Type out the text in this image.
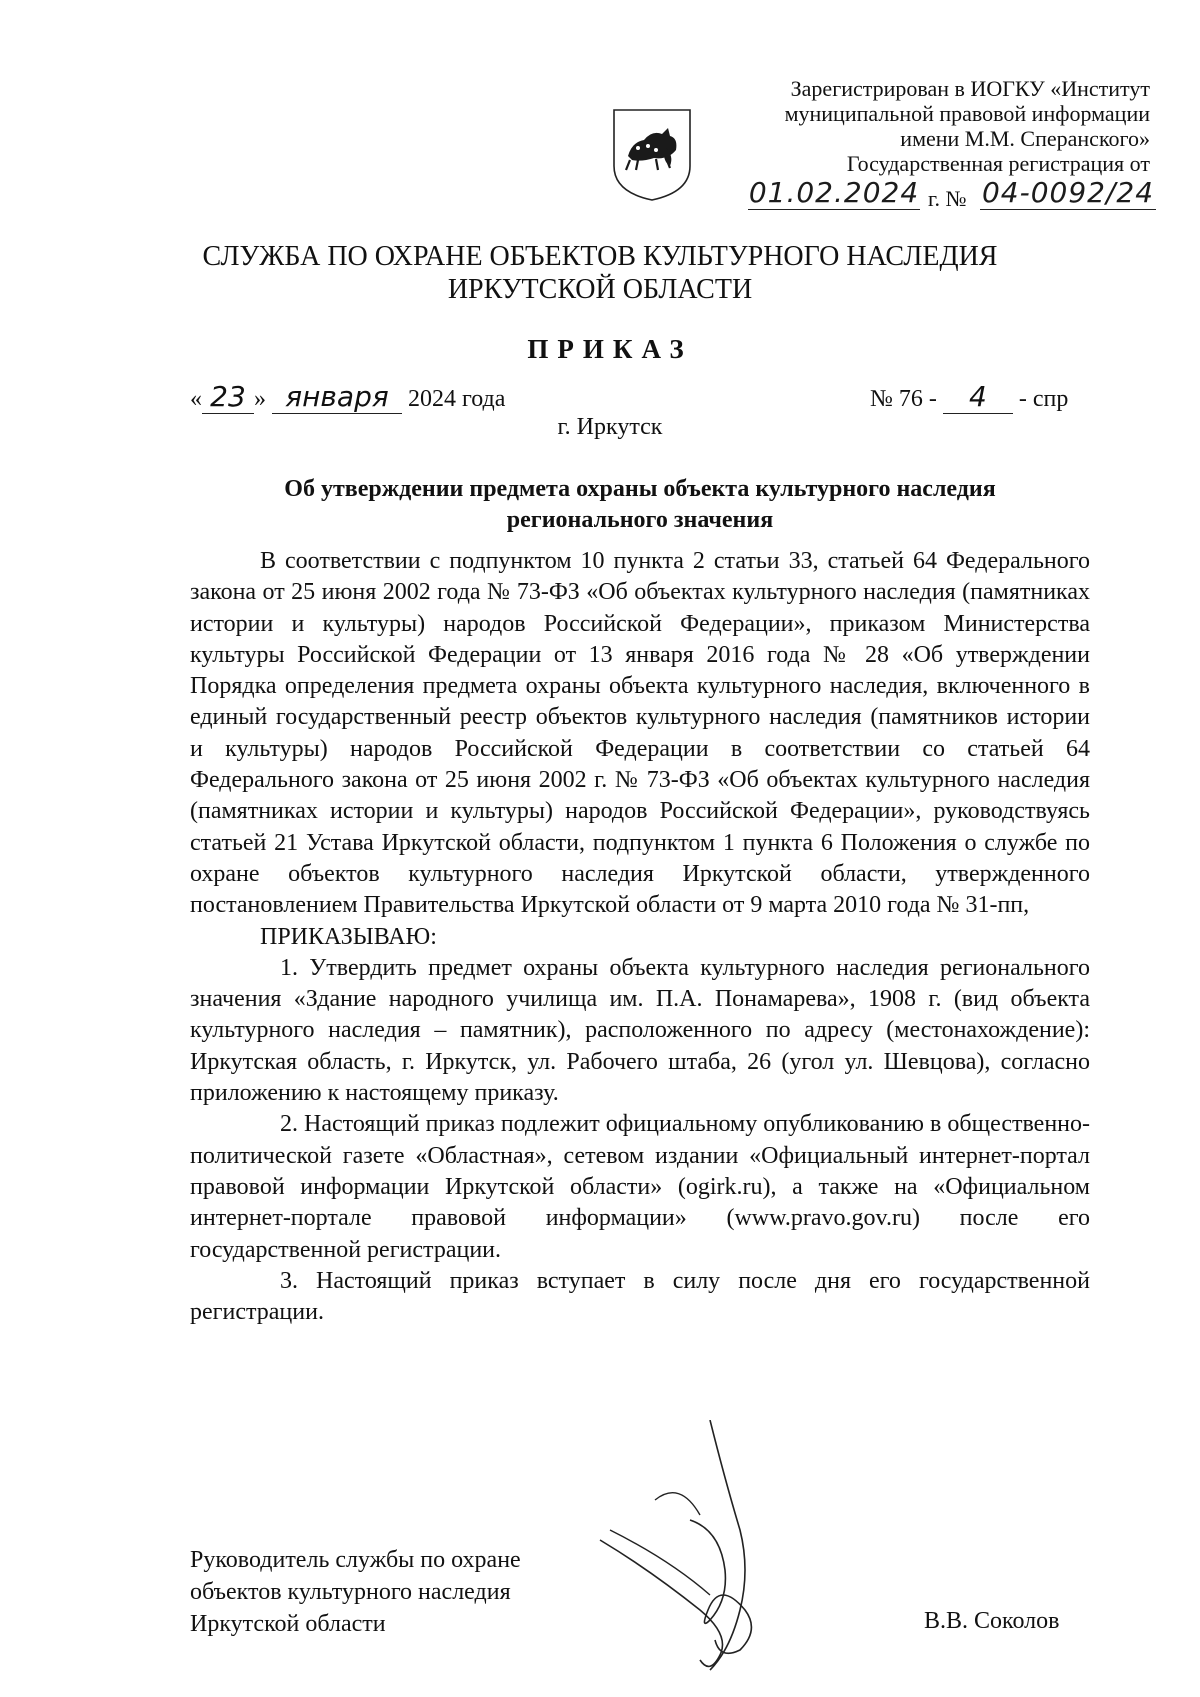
Зарегистрирован в ИОГКУ «Институт
муниципальной правовой информации
имени М.М. Сперанского»
Государственная регистрация от
01.02.2024 г. № 04-0092/24
СЛУЖБА ПО ОХРАНЕ ОБЪЕКТОВ КУЛЬТУРНОГО НАСЛЕДИЯ
ИРКУТСКОЙ ОБЛАСТИ
ПРИКАЗ
« 23 » января 2024 года	№ 76 - 4 - спр
г. Иркутск
Об утверждении предмета охраны объекта культурного наследия
регионального значения

В соответствии с подпунктом 10 пункта 2 статьи 33, статьей 64 Федерального закона от 25 июня 2002 года № 73-ФЗ «Об объектах культурного наследия (памятниках истории и культуры) народов Российской Федерации», приказом Министерства культуры Российской Федерации от 13 января 2016 года № 28 «Об утверждении Порядка определения предмета охраны объекта культурного наследия, включенного в единый государственный реестр объектов культурного наследия (памятников истории и культуры) народов Российской Федерации в соответствии со статьей 64 Федерального закона от 25 июня 2002 г. № 73-ФЗ «Об объектах культурного наследия (памятниках истории и культуры) народов Российской Федерации», руководствуясь статьей 21 Устава Иркутской области, подпунктом 1 пункта 6 Положения о службе по охране объектов культурного наследия Иркутской области, утвержденного постановлением Правительства Иркутской области от 9 марта 2010 года № 31-пп,

ПРИКАЗЫВАЮ:

1. Утвердить предмет охраны объекта культурного наследия регионального значения «Здание народного училища им. П.А. Понамарева», 1908 г. (вид объекта культурного наследия – памятник), расположенного по адресу (местонахождение): Иркутская область, г. Иркутск, ул. Рабочего штаба, 26 (угол ул. Шевцова), согласно приложению к настоящему приказу.

2. Настоящий приказ подлежит официальному опубликованию в общественно-политической газете «Областная», сетевом издании «Официальный интернет-портал правовой информации Иркутской области» (ogirk.ru), а также на «Официальном интернет-портале правовой информации» (www.pravo.gov.ru) после его государственной регистрации.

3. Настоящий приказ вступает в силу после дня его государственной регистрации.

Руководитель службы по охране
объектов культурного наследия
Иркутской области	В.В. Соколов
